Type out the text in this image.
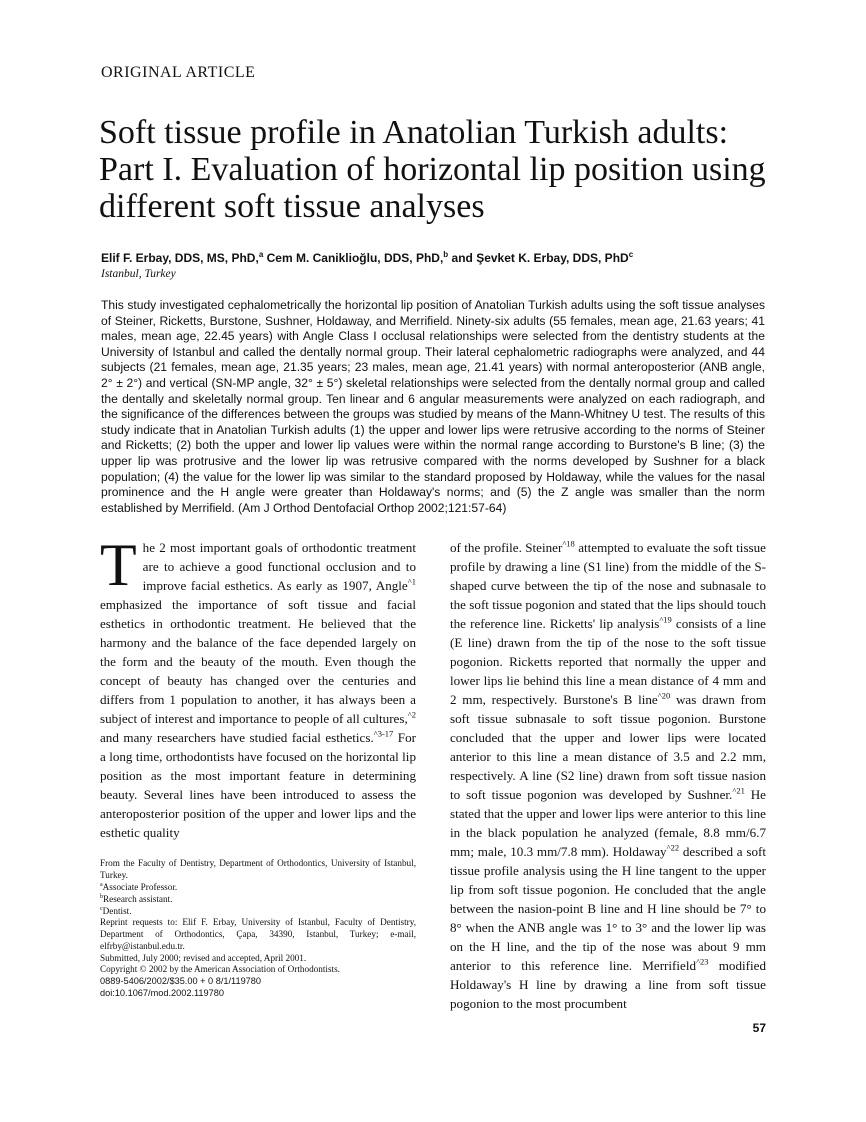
ORIGINAL ARTICLE
Soft tissue profile in Anatolian Turkish adults: Part I. Evaluation of horizontal lip position using different soft tissue analyses
Elif F. Erbay, DDS, MS, PhD,$^a$ Cem M. Caniklioğlu, DDS, PhD,$^b$ and Şevket K. Erbay, DDS, PhD$^c$
Istanbul, Turkey

This study investigated cephalometrically the horizontal lip position of Anatolian Turkish adults using the soft tissue analyses of Steiner, Ricketts, Burstone, Sushner, Holdaway, and Merrifield. Ninety-six adults (55 females, mean age, 21.63 years; 41 males, mean age, 22.45 years) with Angle Class I occlusal relationships were selected from the dentistry students at the University of Istanbul and called the dentally normal group. Their lateral cephalometric radiographs were analyzed, and 44 subjects (21 females, mean age, 21.35 years; 23 males, mean age, 21.41 years) with normal anteroposterior (ANB angle, 2° ± 2°) and vertical (SN-MP angle, 32° ± 5°) skeletal relationships were selected from the dentally normal group and called the dentally and skeletally normal group. Ten linear and 6 angular measurements were analyzed on each radiograph, and the significance of the differences between the groups was studied by means of the Mann-Whitney U test. The results of this study indicate that in Anatolian Turkish adults (1) the upper and lower lips were retrusive according to the norms of Steiner and Ricketts; (2) both the upper and lower lip values were within the normal range according to Burstone's B line; (3) the upper lip was protrusive and the lower lip was retrusive compared with the norms developed by Sushner for a black population; (4) the value for the lower lip was similar to the standard proposed by Holdaway, while the values for the nasal prominence and the H angle were greater than Holdaway's norms; and (5) the Z angle was smaller than the norm established by Merrifield. (Am J Orthod Dentofacial Orthop 2002;121:57-64)

T he 2 most important goals of orthodontic treatment are to achieve a good functional occlusion and to improve facial esthetics. As early as 1907, Angle$^{\^{}1}$ emphasized the importance of soft tissue and facial esthetics in orthodontic treatment. He believed that the harmony and the balance of the face depended largely on the form and the beauty of the mouth. Even though the concept of beauty has changed over the centuries and differs from 1 population to another, it has always been a subject of interest and importance to people of all cultures,$^{\^{}2}$ and many researchers have studied facial esthetics.$^{\^{}3-17}$ For a long time, orthodontists have focused on the horizontal lip position as the most important feature in determining beauty. Several lines have been introduced to assess the anteroposterior position of the upper and lower lips and the esthetic quality

From the Faculty of Dentistry, Department of Orthodontics, University of Istanbul, Turkey.
$^a$Associate Professor.
$^b$Research assistant.
$^c$Dentist.
Reprint requests to: Elif F. Erbay, University of Istanbul, Faculty of Dentistry, Department of Orthodontics, Çapa, 34390, Istanbul, Turkey; e-mail, elfrby@istanbul.edu.tr.
Submitted, July 2000; revised and accepted, April 2001.
Copyright © 2002 by the American Association of Orthodontists.
0889-5406/2002/$35.00 + 0 8/1/119780
doi:10.1067/mod.2002.119780

of the profile. Steiner$^{\^{}18}$ attempted to evaluate the soft tissue profile by drawing a line (S1 line) from the middle of the S-shaped curve between the tip of the nose and subnasale to the soft tissue pogonion and stated that the lips should touch the reference line. Ricketts' lip analysis$^{\^{}19}$ consists of a line (E line) drawn from the tip of the nose to the soft tissue pogonion. Ricketts reported that normally the upper and lower lips lie behind this line a mean distance of 4 mm and 2 mm, respectively. Burstone's B line$^{\^{}20}$ was drawn from soft tissue subnasale to soft tissue pogonion. Burstone concluded that the upper and lower lips were located anterior to this line a mean distance of 3.5 and 2.2 mm, respectively. A line (S2 line) drawn from soft tissue nasion to soft tissue pogonion was developed by Sushner.$^{\^{}21}$ He stated that the upper and lower lips were anterior to this line in the black population he analyzed (female, 8.8 mm/6.7 mm; male, 10.3 mm/7.8 mm). Holdaway$^{\^{}22}$ described a soft tissue profile analysis using the H line tangent to the upper lip from soft tissue pogonion. He concluded that the angle between the nasion-point B line and H line should be 7° to 8° when the ANB angle was 1° to 3° and the lower lip was on the H line, and the tip of the nose was about 9 mm anterior to this reference line. Merrifield$^{\^{}23}$ modified Holdaway's H line by drawing a line from soft tissue pogonion to the most procumbent

57
